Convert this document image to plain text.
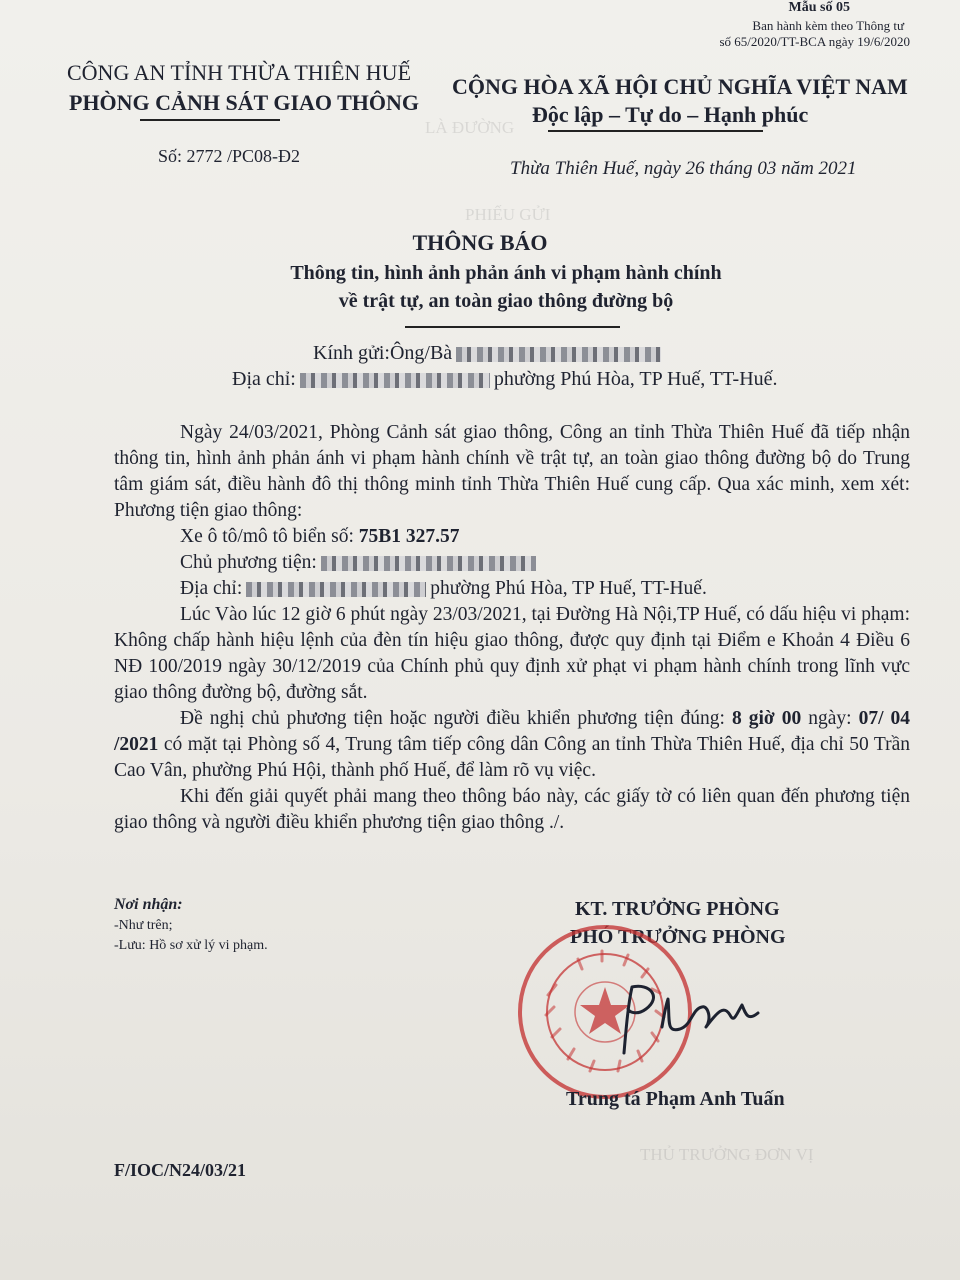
LÀ ĐƯỜNG
PHIẾU GỬI
THỦ TRƯỞNG ĐƠN VỊ
Mẫu số 05
Ban hành kèm theo Thông tư
số 65/2020/TT-BCA ngày 19/6/2020
CÔNG AN TỈNH THỪA THIÊN HUẾ
PHÒNG CẢNH SÁT GIAO THÔNG
Số: 2772 /PC08-Đ2
CỘNG HÒA XÃ HỘI CHỦ NGHĨA VIỆT NAM
Độc lập – Tự do – Hạnh phúc
Thừa Thiên Huế, ngày 26 tháng 03 năm 2021
THÔNG BÁO
Thông tin, hình ảnh phản ánh vi phạm hành chính
về trật tự, an toàn giao thông đường bộ
Kính gửi:Ông/Bà
Địa chỉ:	phường Phú Hòa, TP Huế, TT-Huế.

Ngày 24/03/2021, Phòng Cảnh sát giao thông, Công an tỉnh Thừa Thiên Huế đã tiếp nhận thông tin, hình ảnh phản ánh vi phạm hành chính về trật tự, an toàn giao thông đường bộ do Trung tâm giám sát, điều hành đô thị thông minh tỉnh Thừa Thiên Huế cung cấp. Qua xác minh, xem xét: Phương tiện giao thông:

Xe ô tô/mô tô biển số: 75B1 327.57

Chủ phương tiện:

Địa chỉ:	phường Phú Hòa, TP Huế, TT-Huế.

Lúc Vào lúc 12 giờ 6 phút ngày 23/03/2021, tại Đường Hà Nội,TP Huế, có dấu hiệu vi phạm: Không chấp hành hiệu lệnh của đèn tín hiệu giao thông, được quy định tại Điểm e Khoản 4 Điều 6 NĐ 100/2019 ngày 30/12/2019 của Chính phủ quy định xử phạt vi phạm hành chính trong lĩnh vực giao thông đường bộ, đường sắt.

Đề nghị chủ phương tiện hoặc người điều khiển phương tiện đúng: 8 giờ 00 ngày: 07/ 04 /2021 có mặt tại Phòng số 4, Trung tâm tiếp công dân Công an tỉnh Thừa Thiên Huế, địa chỉ 50 Trần Cao Vân, phường Phú Hội, thành phố Huế, để làm rõ vụ việc.

Khi đến giải quyết phải mang theo thông báo này, các giấy tờ có liên quan đến phương tiện giao thông và người điều khiển phương tiện giao thông ./.

Nơi nhận:
-Như trên;
-Lưu: Hồ sơ xử lý vi phạm.
KT. TRƯỞNG PHÒNG
PHÓ TRƯỞNG PHÒNG
Trung tá Phạm Anh Tuấn
F/IOC/N24/03/21
